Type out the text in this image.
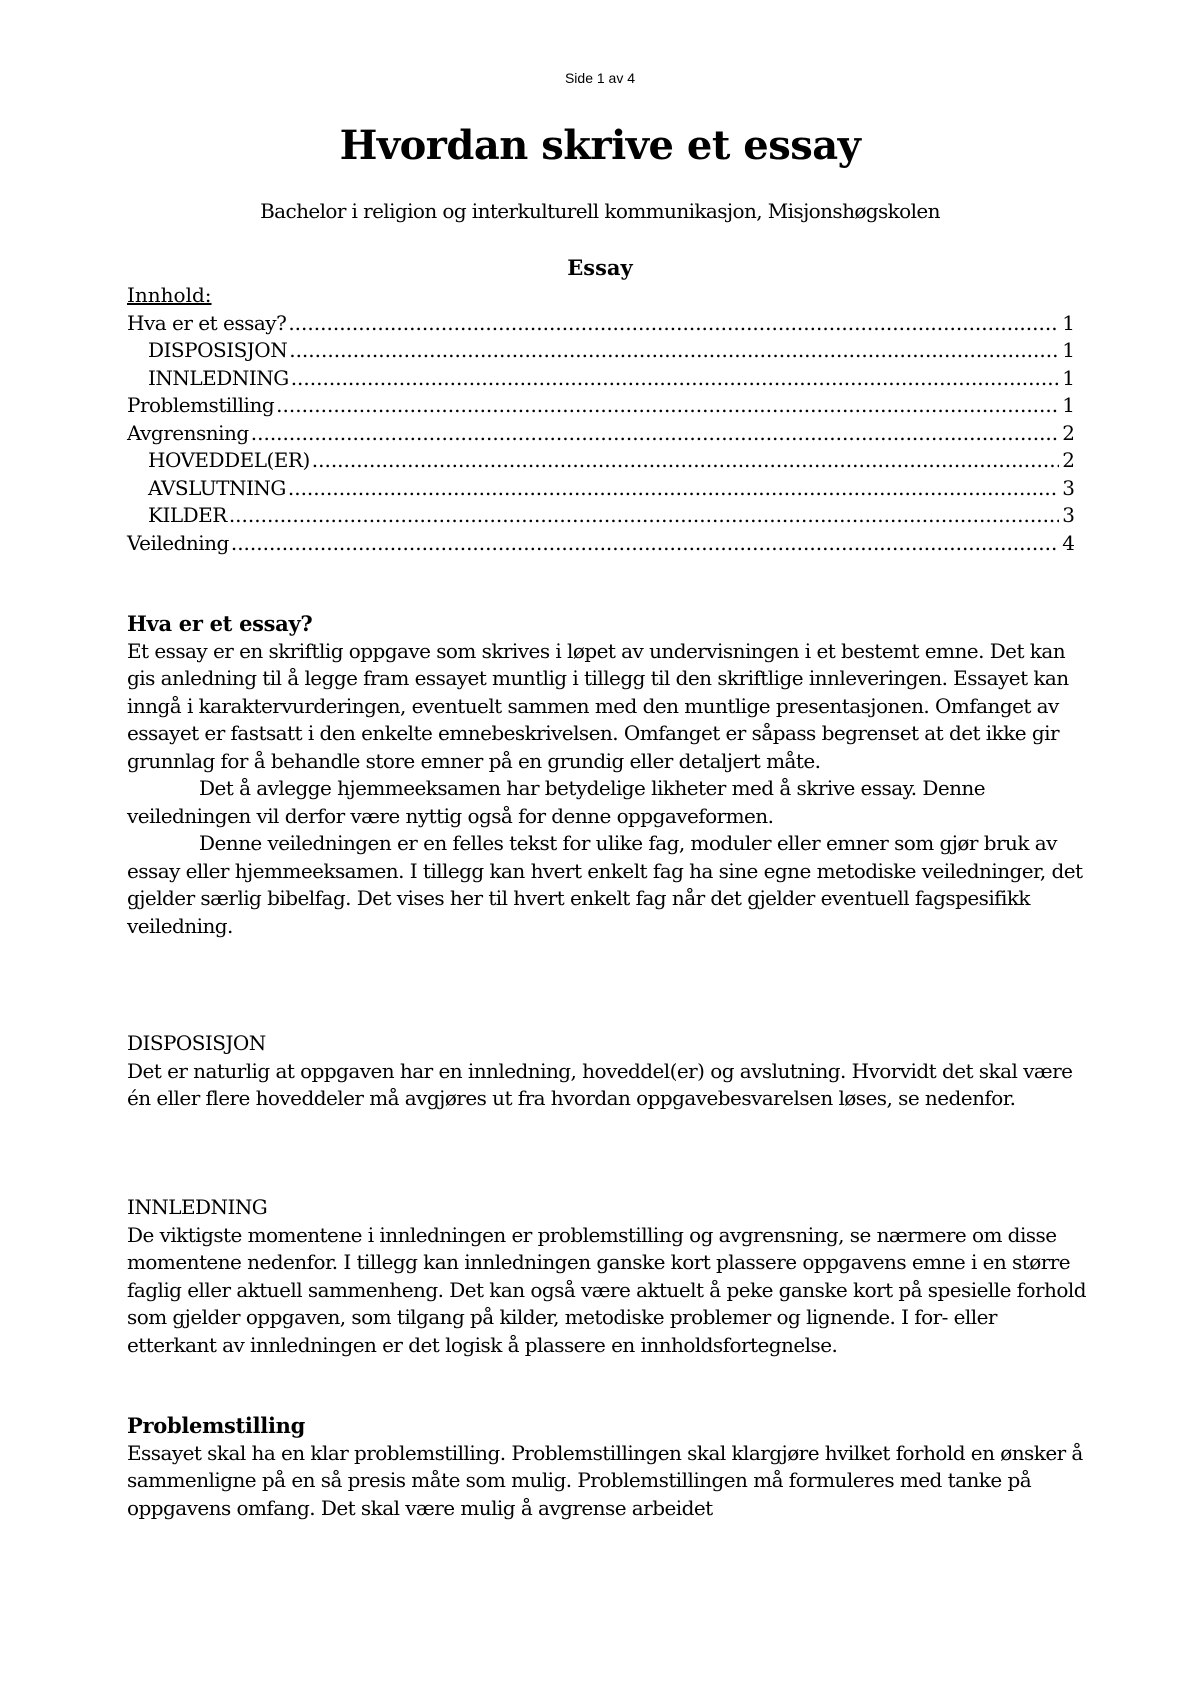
Side 1 av 4
Hvordan skrive et essay
Bachelor i religion og interkulturell kommunikasjon, Misjonshøgskolen
Essay
Innhold:
Hva er et essay? .....	1
DISPOSISJON .....	1
INNLEDNING .....	1
Problemstilling .....	1
Avgrensning .....	2
HOVEDDEL(ER) .....	2
AVSLUTNING .....	3
KILDER .....	3
Veiledning .....	4
Hva er et essay?

Et essay er en skriftlig oppgave som skrives i løpet av undervisningen i et bestemt emne. Det kan gis anledning til å legge fram essayet muntlig i tillegg til den skriftlige innleveringen. Essayet kan inngå i karaktervurderingen, eventuelt sammen med den muntlige presentasjonen. Omfanget av essayet er fastsatt i den enkelte emnebeskrivelsen. Omfanget er såpass begrenset at det ikke gir grunnlag for å behandle store emner på en grundig eller detaljert måte.

Det å avlegge hjemmeeksamen har betydelige likheter med å skrive essay. Denne veiledningen vil derfor være nyttig også for denne oppgaveformen.

Denne veiledningen er en felles tekst for ulike fag, moduler eller emner som gjør bruk av essay eller hjemmeeksamen. I tillegg kan hvert enkelt fag ha sine egne metodiske veiledninger, det gjelder særlig bibelfag. Det vises her til hvert enkelt fag når det gjelder eventuell fagspesifikk veiledning.

DISPOSISJON

Det er naturlig at oppgaven har en innledning, hoveddel(er) og avslutning. Hvorvidt det skal være én eller flere hoveddeler må avgjøres ut fra hvordan oppgavebesvarelsen løses, se nedenfor.

INNLEDNING

De viktigste momentene i innledningen er problemstilling og avgrensning, se nærmere om disse momentene nedenfor. I tillegg kan innledningen ganske kort plassere oppgavens emne i en større faglig eller aktuell sammenheng. Det kan også være aktuelt å peke ganske kort på spesielle forhold som gjelder oppgaven, som tilgang på kilder, metodiske problemer og lignende. I for- eller etterkant av innledningen er det logisk å plassere en innholdsfortegnelse.

Problemstilling

Essayet skal ha en klar problemstilling. Problemstillingen skal klargjøre hvilket forhold en ønsker å sammenligne på en så presis måte som mulig. Problemstillingen må formuleres med tanke på oppgavens omfang. Det skal være mulig å avgrense arbeidet
